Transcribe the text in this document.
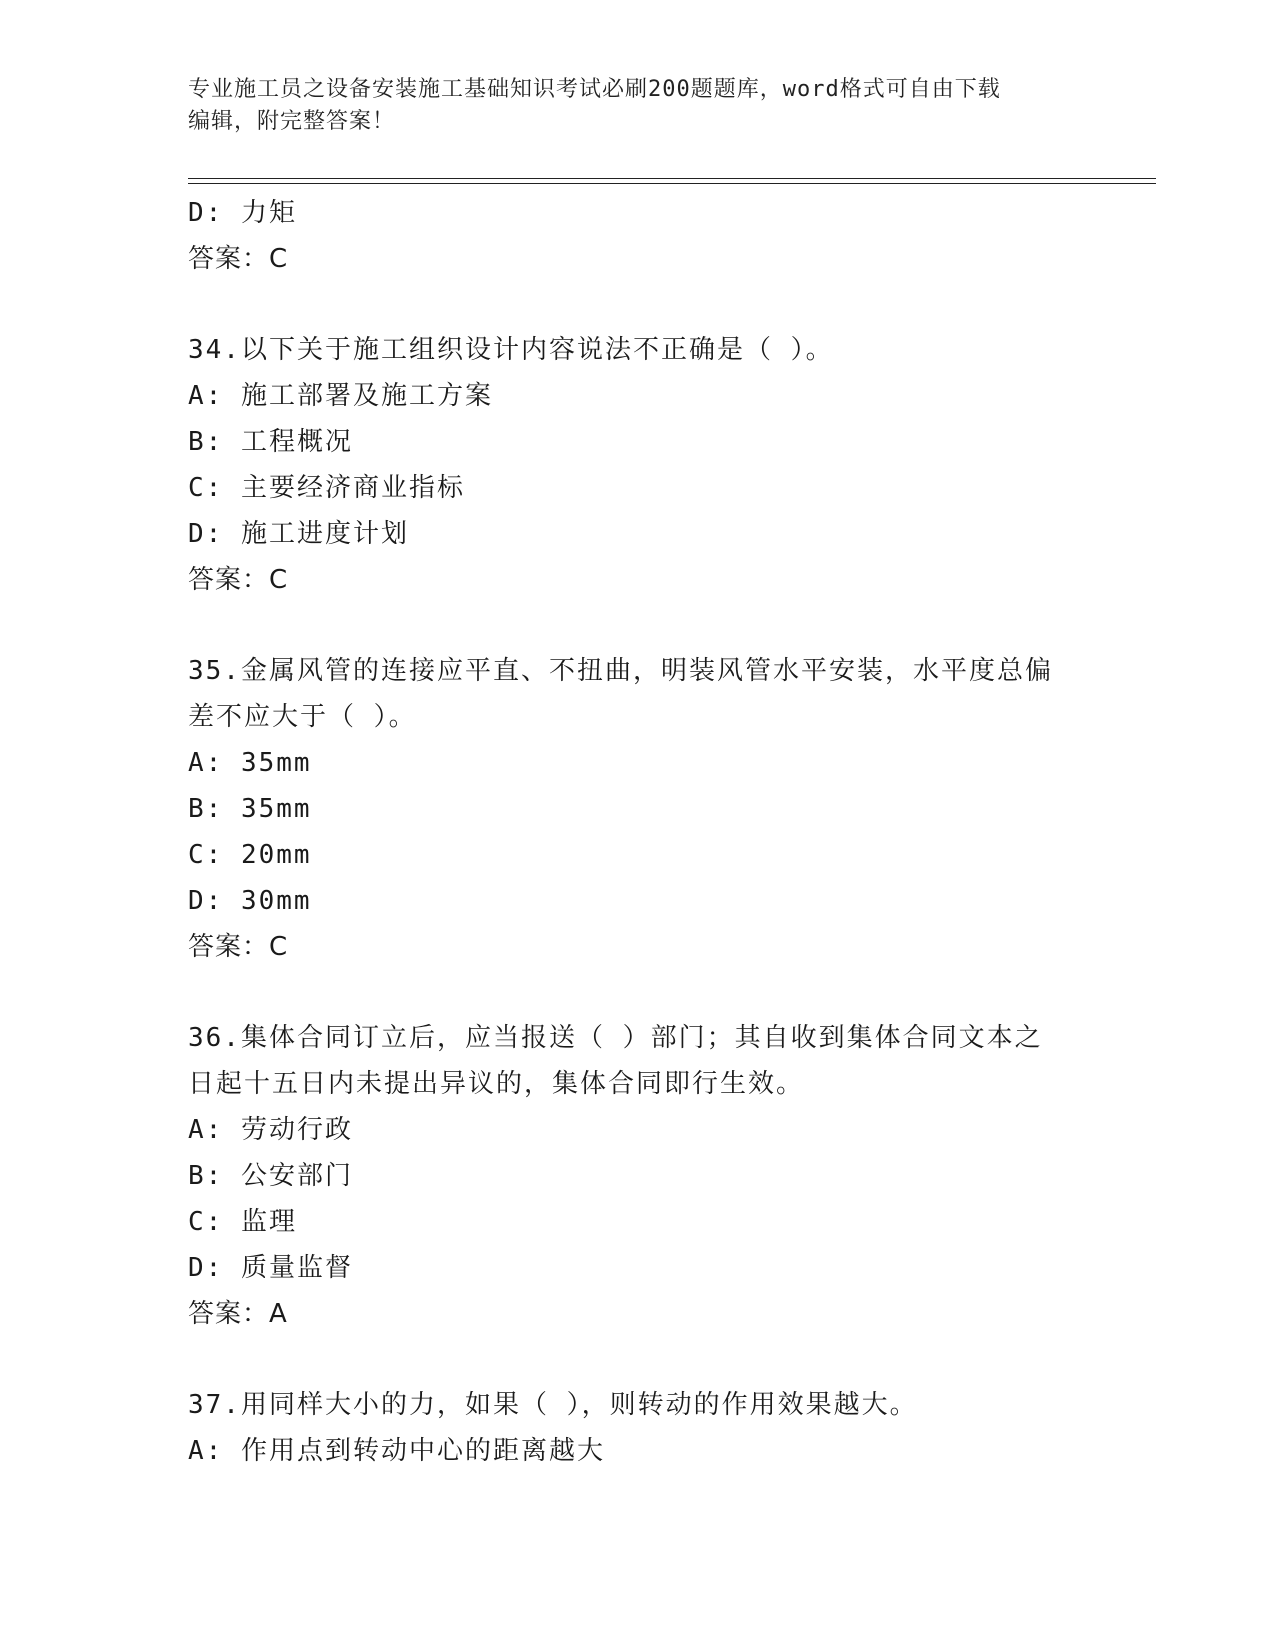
专业施工员之设备安装施工基础知识考试必刷200题题库，word格式可自由下载
编辑，附完整答案！
D: 力矩
答案：C
34.以下关于施工组织设计内容说法不正确是（ ）。
A: 施工部署及施工方案
B: 工程概况
C: 主要经济商业指标
D: 施工进度计划
答案：C
35.金属风管的连接应平直、不扭曲，明装风管水平安装，水平度总偏
差不应大于（ ）。
A: 35mm
B: 35mm
C: 20mm
D: 30mm
答案：C
36.集体合同订立后，应当报送（ ）部门；其自收到集体合同文本之
日起十五日内未提出异议的，集体合同即行生效。
A: 劳动行政
B: 公安部门
C: 监理
D: 质量监督
答案：A
37.用同样大小的力，如果（ ），则转动的作用效果越大。
A: 作用点到转动中心的距离越大
